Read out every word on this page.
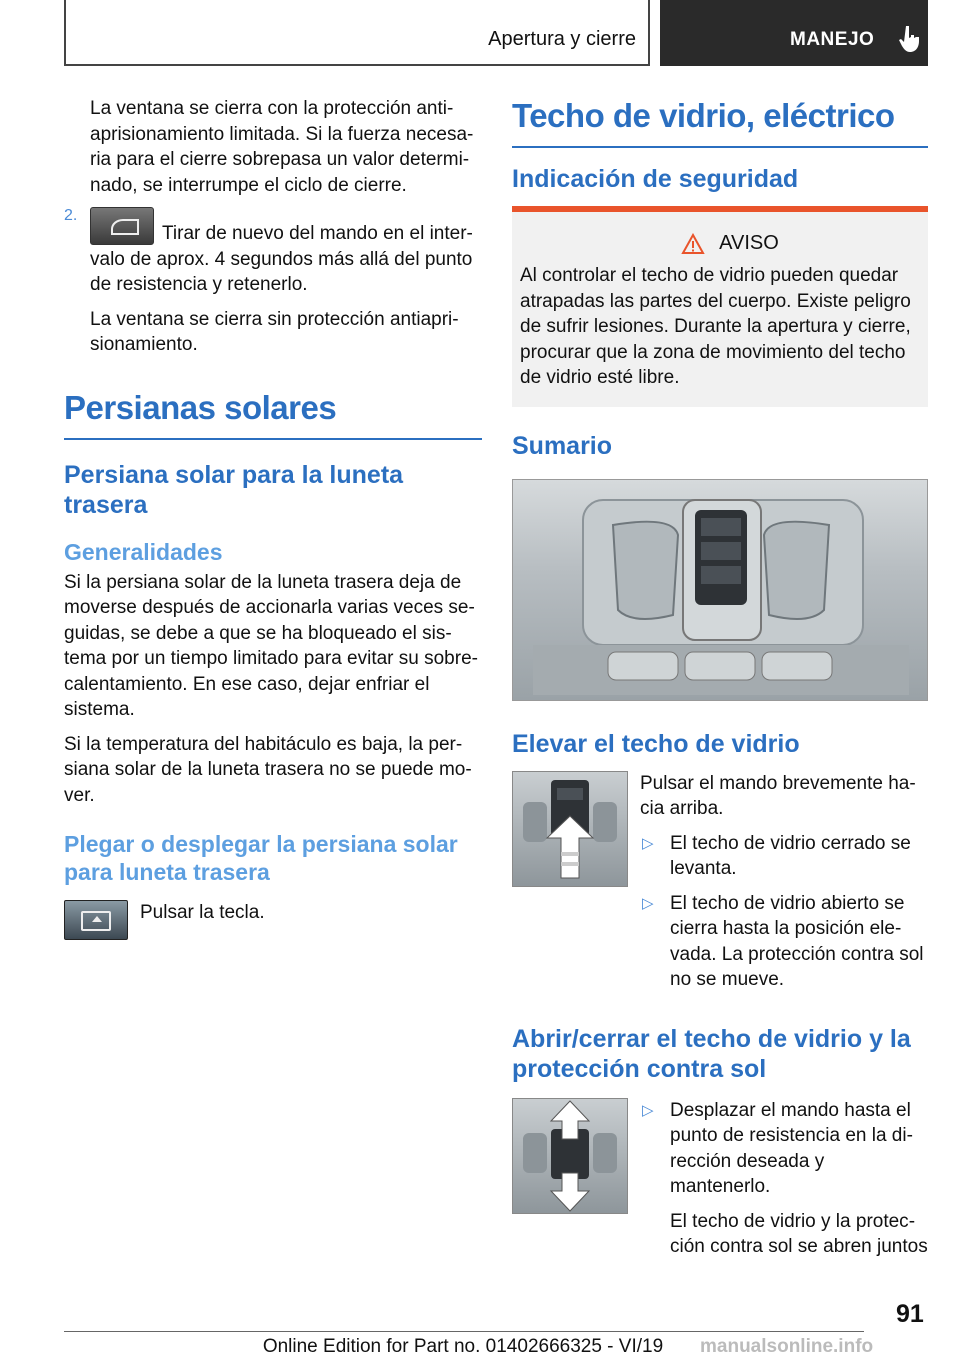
Apertura y cierre	MANEJO

La ventana se cierra con la protección antiaprisionamiento limitada. Si la fuerza necesaria para el cierre sobrepasa un valor determinado, se interrumpe el ciclo de cierre.

2.

Tirar de nuevo del mando en el intervalo de aprox. 4 segundos más allá del punto de resistencia y retenerlo.

La ventana se cierra sin protección antiaprisionamiento.

Persianas solares
Persiana solar para la luneta trasera
Generalidades

Si la persiana solar de la luneta trasera deja de moverse después de accionarla varias veces seguidas, se debe a que se ha bloqueado el sistema por un tiempo limitado para evitar su sobrecalentamiento. En ese caso, dejar enfriar el sistema.

Si la temperatura del habitáculo es baja, la persiana solar de la luneta trasera no se puede mover.

Plegar o desplegar la persiana solar para luneta trasera

Pulsar la tecla.

Techo de vidrio, eléctrico
Indicación de seguridad
AVISO

Al controlar el techo de vidrio pueden quedar atrapadas las partes del cuerpo. Existe peligro de sufrir lesiones. Durante la apertura y cierre, procurar que la zona de movimiento del techo de vidrio esté libre.

Sumario
Elevar el techo de vidrio

Pulsar el mando brevemente hacia arriba.

▷ El techo de vidrio cerrado se levanta.

▷ El techo de vidrio abierto se cierra hasta la posición elevada. La protección contra sol no se mueve.

Abrir/cerrar el techo de vidrio y la protección contra sol
▷ Desplazar el mando hasta el punto de resistencia en la dirección deseada y mantenerlo.

El techo de vidrio y la protección contra sol se abren juntos

91
Online Edition for Part no. 01402666325 - VI/19	manualsonline.info
